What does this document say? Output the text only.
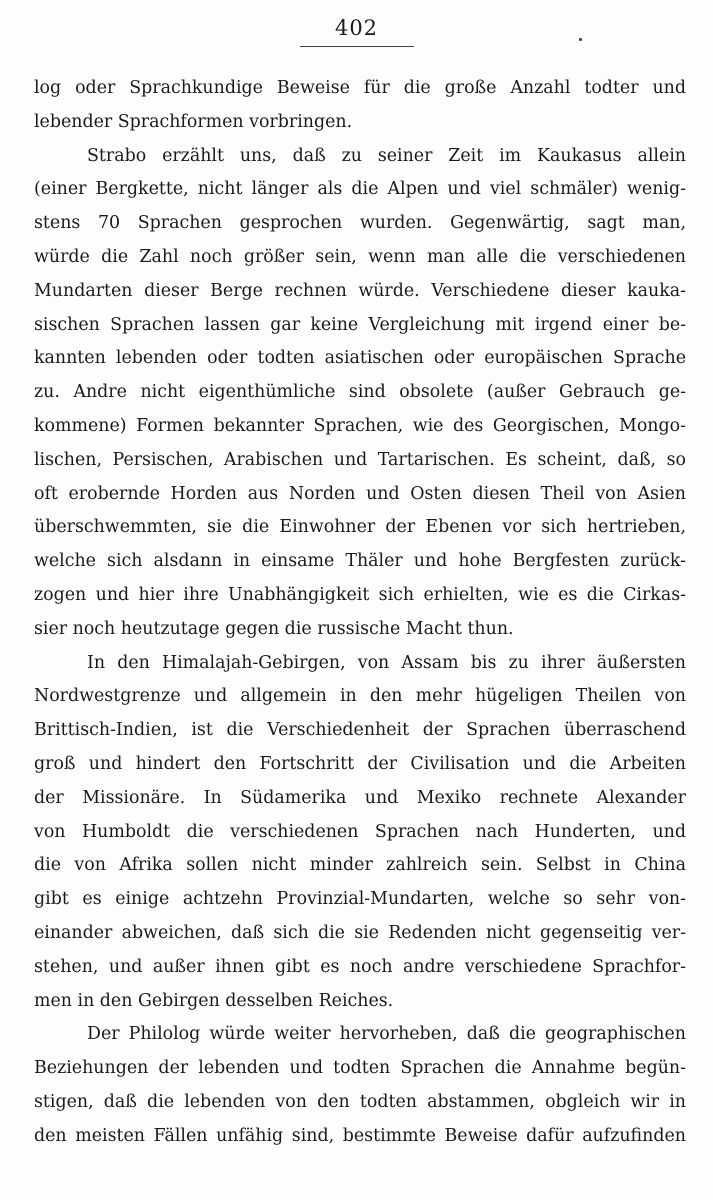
402
log oder Sprachkundige Beweise für die große Anzahl todter und
lebender Sprachformen vorbringen.
Strabo erzählt uns, daß zu seiner Zeit im Kaukasus allein
(einer Bergkette, nicht länger als die Alpen und viel schmäler) wenig-
stens 70 Sprachen gesprochen wurden. Gegenwärtig, sagt man,
würde die Zahl noch größer sein, wenn man alle die verschiedenen
Mundarten dieser Berge rechnen würde. Verschiedene dieser kauka-
sischen Sprachen lassen gar keine Vergleichung mit irgend einer be-
kannten lebenden oder todten asiatischen oder europäischen Sprache
zu. Andre nicht eigenthümliche sind obsolete (außer Gebrauch ge-
kommene) Formen bekannter Sprachen, wie des Georgischen, Mongo-
lischen, Persischen, Arabischen und Tartarischen. Es scheint, daß, so
oft erobernde Horden aus Norden und Osten diesen Theil von Asien
überschwemmten, sie die Einwohner der Ebenen vor sich hertrieben,
welche sich alsdann in einsame Thäler und hohe Bergfesten zurück-
zogen und hier ihre Unabhängigkeit sich erhielten, wie es die Cirkas-
sier noch heutzutage gegen die russische Macht thun.
In den Himalajah-Gebirgen, von Assam bis zu ihrer äußersten
Nordwestgrenze und allgemein in den mehr hügeligen Theilen von
Brittisch-Indien, ist die Verschiedenheit der Sprachen überraschend
groß und hindert den Fortschritt der Civilisation und die Arbeiten
der Missionäre. In Südamerika und Mexiko rechnete Alexander
von Humboldt die verschiedenen Sprachen nach Hunderten, und
die von Afrika sollen nicht minder zahlreich sein. Selbst in China
gibt es einige achtzehn Provinzial-Mundarten, welche so sehr von-
einander abweichen, daß sich die sie Redenden nicht gegenseitig ver-
stehen, und außer ihnen gibt es noch andre verschiedene Sprachfor-
men in den Gebirgen desselben Reiches.
Der Philolog würde weiter hervorheben, daß die geographischen
Beziehungen der lebenden und todten Sprachen die Annahme begün-
stigen, daß die lebenden von den todten abstammen, obgleich wir in
den meisten Fällen unfähig sind, bestimmte Beweise dafür aufzufinden
